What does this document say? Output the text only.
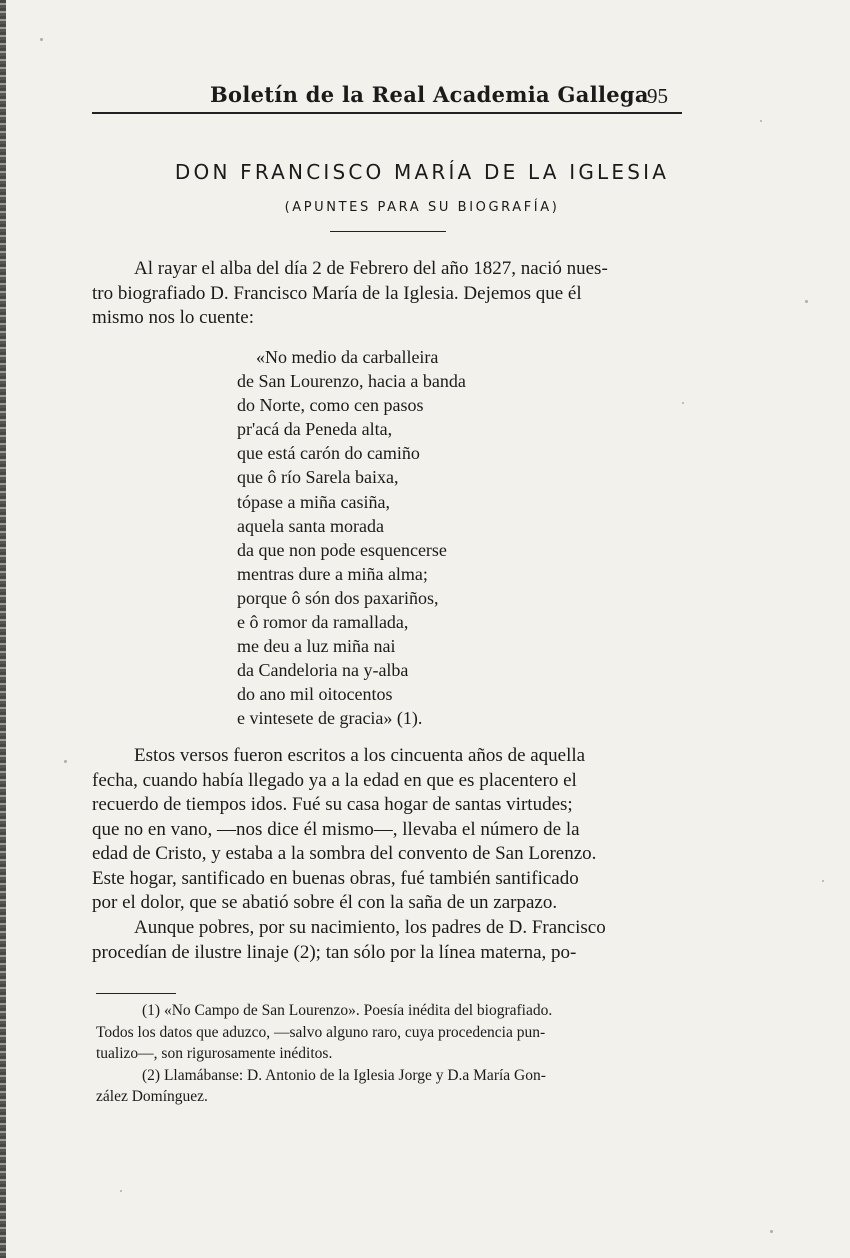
Boletín de la Real Academia Gallega
95
DON FRANCISCO MARÍA DE LA IGLESIA
(APUNTES PARA SU BIOGRAFÍA)
Al rayar el alba del día 2 de Febrero del año 1827, nació nues-
tro biografiado D. Francisco María de la Iglesia. Dejemos que él
mismo nos lo cuente:
«No medio da carballeira
de San Lourenzo, hacia a banda
do Norte, como cen pasos
pr'acá da Peneda alta,
que está carón do camiño
que ô río Sarela baixa,
tópase a miña casiña,
aquela santa morada
da que non pode esquencerse
mentras dure a miña alma;
porque ô són dos paxariños,
e ô romor da ramallada,
me deu a luz miña nai
da Candeloria na y-alba
do ano mil oitocentos
e vintesete de gracia» (1).
Estos versos fueron escritos a los cincuenta años de aquella
fecha, cuando había llegado ya a la edad en que es placentero el
recuerdo de tiempos idos. Fué su casa hogar de santas virtudes;
que no en vano, —nos dice él mismo—, llevaba el número de la
edad de Cristo, y estaba a la sombra del convento de San Lorenzo.
Este hogar, santificado en buenas obras, fué también santificado
por el dolor, que se abatió sobre él con la saña de un zarpazo.
Aunque pobres, por su nacimiento, los padres de D. Francisco
procedían de ilustre linaje (2); tan sólo por la línea materna, po-
(1) «No Campo de San Lourenzo». Poesía inédita del biografiado.
Todos los datos que aduzco, —salvo alguno raro, cuya procedencia pun-
tualizo—, son rigurosamente inéditos.
(2) Llamábanse: D. Antonio de la Iglesia Jorge y D.a María Gon-
zález Domínguez.
